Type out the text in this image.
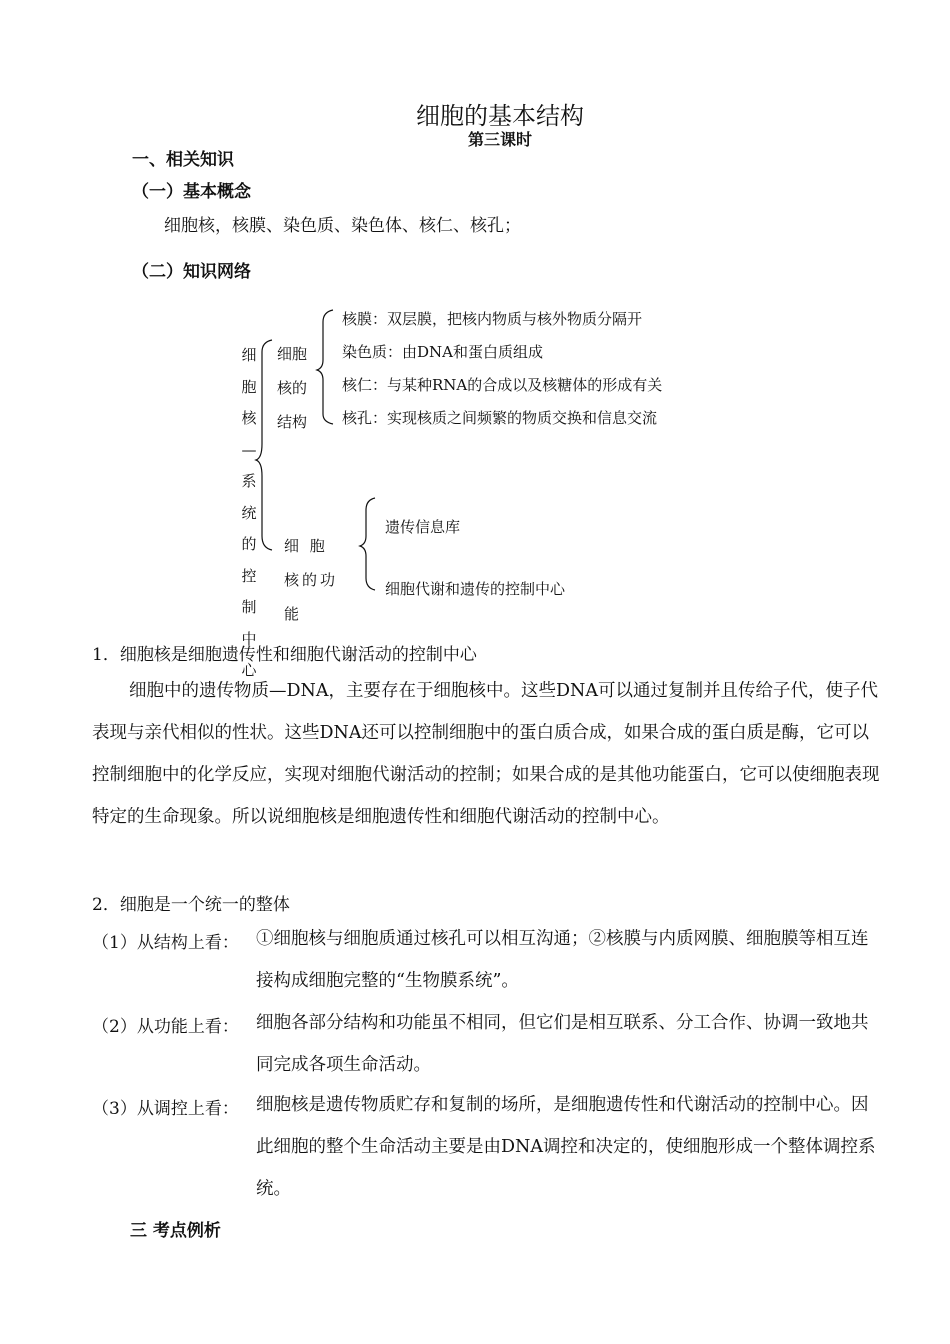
细胞的基本结构
第三课时
一、相关知识
（一）基本概念
细胞核，核膜、染色质、染色体、核仁、核孔；
（二）知识网络
细胞核—系统的控制中心
细胞核的结构
核膜：双层膜，把核内物质与核外物质分隔开
染色质：由DNA和蛋白质组成
核仁：与某种RNA的合成以及核糖体的形成有关
核孔：实现核质之间频繁的物质交换和信息交流
细 胞 核的功能
遗传信息库
细胞代谢和遗传的控制中心
1．细胞核是细胞遗传性和细胞代谢活动的控制中心
细胞中的遗传物质—DNA，主要存在于细胞核中。这些DNA可以通过复制并且传给子代，使子代表现与亲代相似的性状。这些DNA还可以控制细胞中的蛋白质合成，如果合成的蛋白质是酶，它可以控制细胞中的化学反应，实现对细胞代谢活动的控制；如果合成的是其他功能蛋白，它可以使细胞表现特定的生命现象。所以说细胞核是细胞遗传性和细胞代谢活动的控制中心。
2．细胞是一个统一的整体
（1）从结构上看： ①细胞核与细胞质通过核孔可以相互沟通；②核膜与内质网膜、细胞膜等相互连接构成细胞完整的“生物膜系统”。
（2）从功能上看： 细胞各部分结构和功能虽不相同，但它们是相互联系、分工合作、协调一致地共同完成各项生命活动。
（3）从调控上看： 细胞核是遗传物质贮存和复制的场所，是细胞遗传性和代谢活动的控制中心。因此细胞的整个生命活动主要是由DNA调控和决定的，使细胞形成一个整体调控系统。
三 考点例析
